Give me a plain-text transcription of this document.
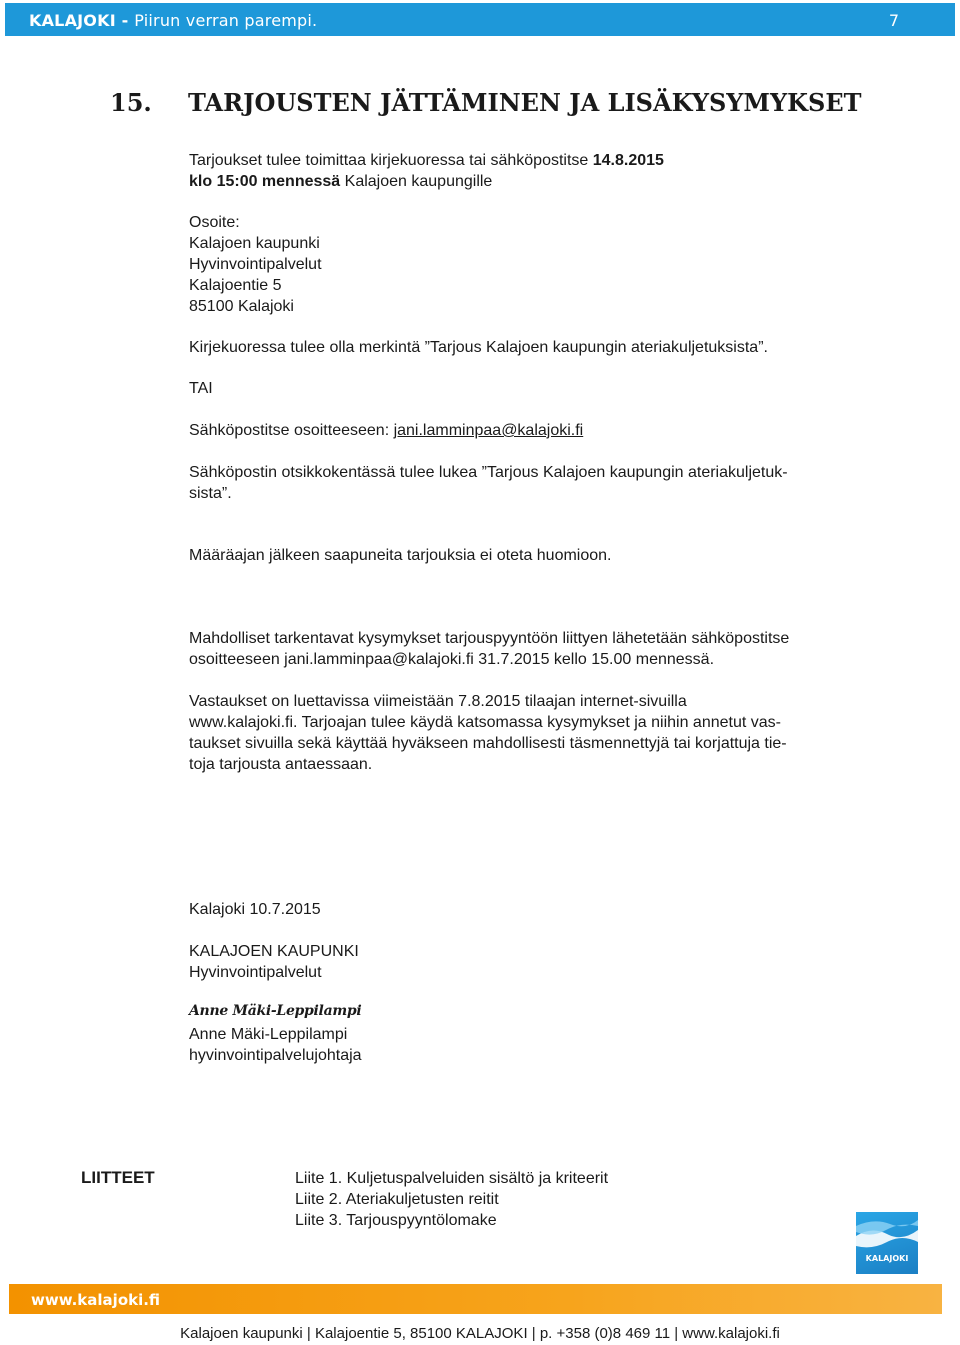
KALAJOKI - Piirun verran parempi.	7
15. TARJOUSTEN JÄTTÄMINEN JA LISÄKYSYMYKSET

Tarjoukset tulee toimittaa kirjekuoressa tai sähköpostitse 14.8.2015

klo 15:00 mennessä Kalajoen kaupungille

Osoite:

Kalajoen kaupunki

Hyvinvointipalvelut

Kalajoentie 5

85100 Kalajoki

Kirjekuoressa tulee olla merkintä ”Tarjous Kalajoen kaupungin ateriakuljetuksista”.

TAI

Sähköpostitse osoitteeseen: jani.lamminpaa@kalajoki.fi

Sähköpostin otsikkokentässä tulee lukea ”Tarjous Kalajoen kaupungin ateriakuljetuk-

sista”.

Määräajan jälkeen saapuneita tarjouksia ei oteta huomioon.

Mahdolliset tarkentavat kysymykset tarjouspyyntöön liittyen lähetetään sähköpostitse

osoitteeseen jani.lamminpaa@kalajoki.fi 31.7.2015 kello 15.00 mennessä.

Vastaukset on luettavissa viimeistään 7.8.2015 tilaajan internet-sivuilla

www.kalajoki.fi. Tarjoajan tulee käydä katsomassa kysymykset ja niihin annetut vas-

taukset sivuilla sekä käyttää hyväkseen mahdollisesti täsmennettyjä tai korjattuja tie-

toja tarjousta antaessaan.

Kalajoki 10.7.2015

KALAJOEN KAUPUNKI

Hyvinvointipalvelut

Anne Mäki-Leppilampi

Anne Mäki-Leppilampi

hyvinvointipalvelujohtaja

LIITTEET	Liite 1. Kuljetuspalveluiden sisältö ja kriteerit
Liite 2. Ateriakuljetusten reitit
Liite 3. Tarjouspyyntölomake
KALAJOKI
www.kalajoki.fi
Kalajoen kaupunki | Kalajoentie 5, 85100 KALAJOKI | p. +358 (0)8 469 11 | www.kalajoki.fi
